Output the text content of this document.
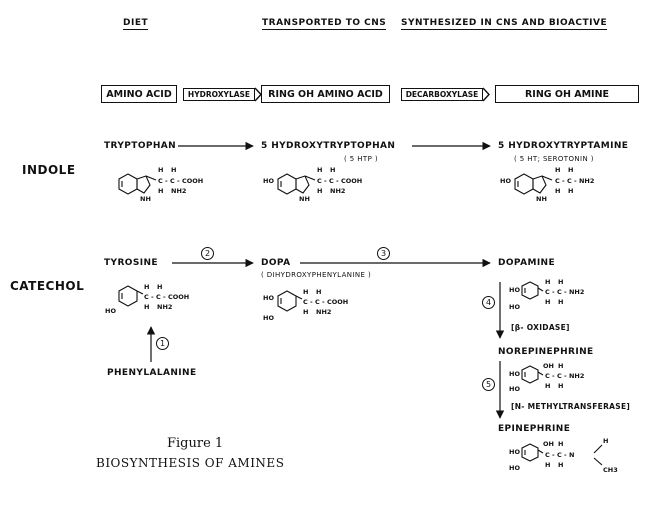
DIET	TRANSPORTED TO CNS SYNTHESIZED IN CNS AND BIOACTIVE
AMINO ACID	HYDROXYLASE	RING OH AMINO ACID	DECARBOXYLASE	RING OH AMINE
INDOLE
CATECHOL
TRYPTOPHAN	5 HYDROXYTRYPTOPHAN
( 5 HTP )
5 HYDROXYTRYPTAMINE
( 5 HT; SEROTONIN )
TYROSINE	DOPA
( DIHYDROXYPHENYLANINE )
DOPAMINE
PHENYLALANINE
NOREPINEPHRINE
EPINEPHRINE
1
2	3
4
5
[β- OXIDASE]
[N- METHYLTRANSFERASE]
Figure 1
BIOSYNTHESIS OF AMINES
NH
H H
C - C - COOH
H NH2
HO
NH
H H
C - C - COOH
H NH2
HO
NH
H H
C - C - NH2
H H
HO
H H
C - C - COOH
H NH2
HO
HO
H H
C - C - COOH
H NH2
HO
HO
H H
C - C - NH2
H H
HO
HO
OH H
C - C - NH2
H H
HO
HO
OH H
C - C - N
H H
H
CH3
